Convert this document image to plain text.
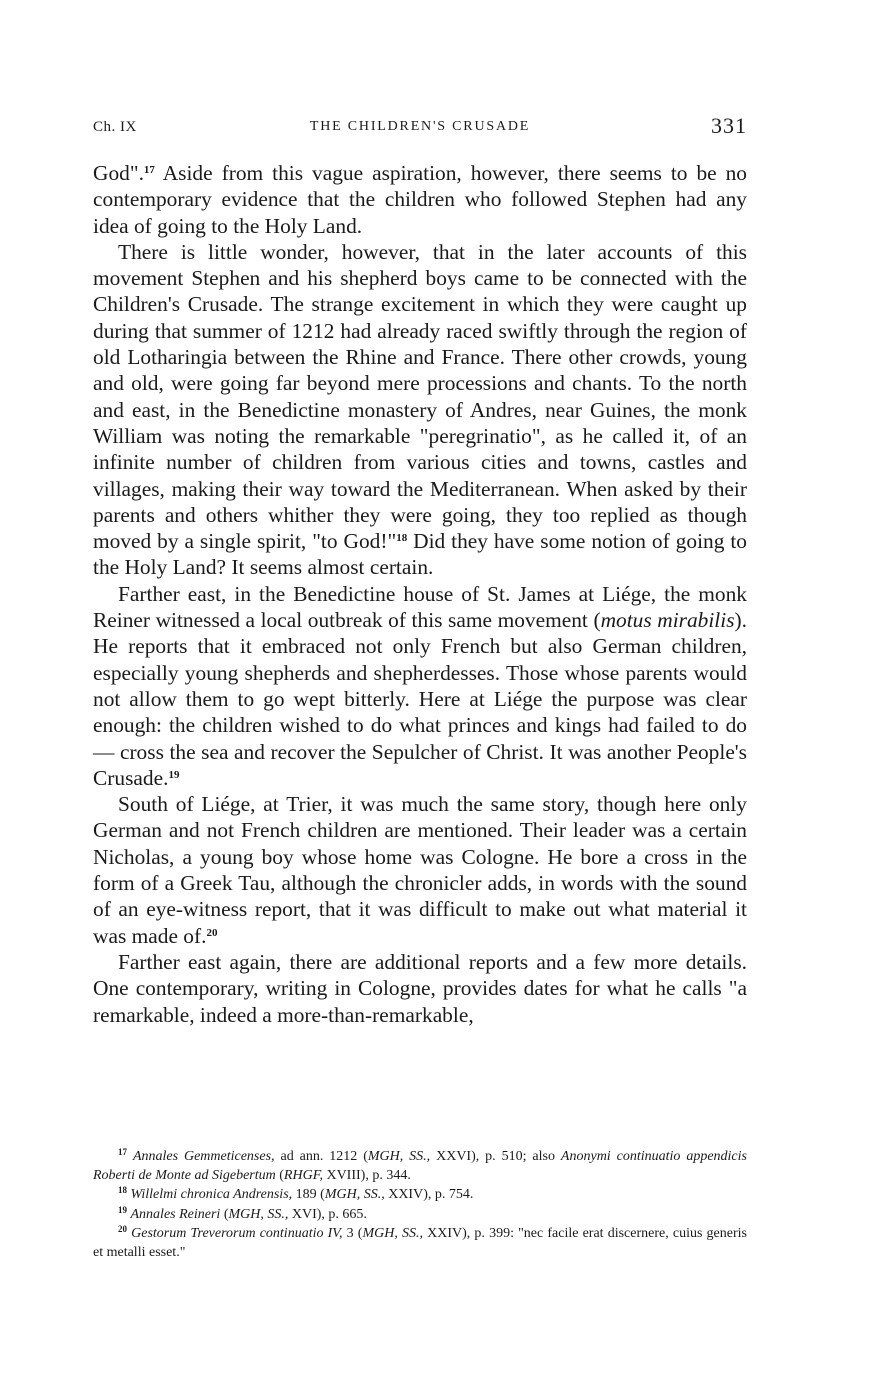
Ch. IX	THE CHILDREN'S CRUSADE	331

God".$^{17}$ Aside from this vague aspiration, however, there seems to be no contemporary evidence that the children who followed Stephen had any idea of going to the Holy Land.

There is little wonder, however, that in the later accounts of this movement Stephen and his shepherd boys came to be connected with the Children's Crusade. The strange excitement in which they were caught up during that summer of 1212 had already raced swiftly through the region of old Lotharingia between the Rhine and France. There other crowds, young and old, were going far beyond mere processions and chants. To the north and east, in the Benedictine monastery of Andres, near Guines, the monk William was noting the remarkable "peregrinatio", as he called it, of an infinite number of children from various cities and towns, castles and villages, making their way toward the Mediterranean. When asked by their parents and others whither they were going, they too replied as though moved by a single spirit, "to God!"$^{18}$ Did they have some notion of going to the Holy Land? It seems almost certain.

Farther east, in the Benedictine house of St. James at Liége, the monk Reiner witnessed a local outbreak of this same movement (motus mirabilis). He reports that it embraced not only French but also German children, especially young shepherds and shepherdesses. Those whose parents would not allow them to go wept bitterly. Here at Liége the purpose was clear enough: the children wished to do what princes and kings had failed to do — cross the sea and recover the Sepulcher of Christ. It was another People's Crusade.$^{19}$

South of Liége, at Trier, it was much the same story, though here only German and not French children are mentioned. Their leader was a certain Nicholas, a young boy whose home was Cologne. He bore a cross in the form of a Greek Tau, although the chronicler adds, in words with the sound of an eye-witness report, that it was difficult to make out what material it was made of.$^{20}$

Farther east again, there are additional reports and a few more details. One contemporary, writing in Cologne, provides dates for what he calls "a remarkable, indeed a more-than-remarkable,

$^{17}$ Annales Gemmeticenses, ad ann. 1212 (MGH, SS., XXVI), p. 510; also Anonymi continuatio appendicis Roberti de Monte ad Sigebertum (RHGF, XVIII), p. 344.

$^{18}$ Willelmi chronica Andrensis, 189 (MGH, SS., XXIV), p. 754.

$^{19}$ Annales Reineri (MGH, SS., XVI), p. 665.

$^{20}$ Gestorum Treverorum continuatio IV, 3 (MGH, SS., XXIV), p. 399: "nec facile erat discernere, cuius generis et metalli esset."
